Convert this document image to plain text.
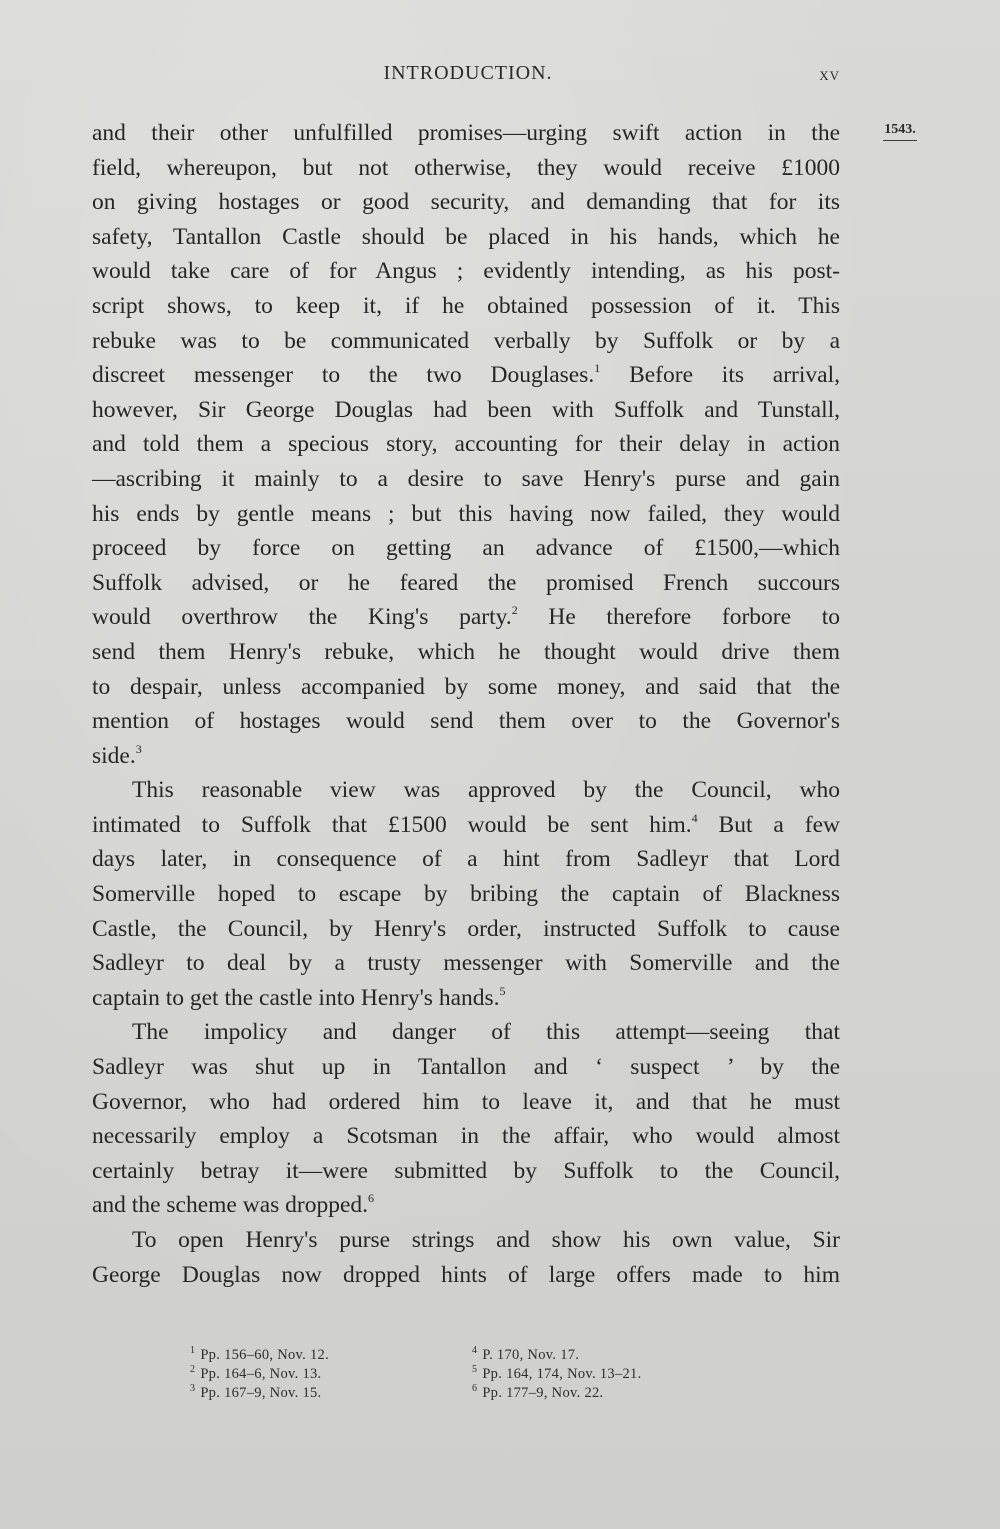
INTRODUCTION.	xv
1543.
and their other unfulfilled promises—urging swift action in the
field, whereupon, but not otherwise, they would receive £1000
on giving hostages or good security, and demanding that for its
safety, Tantallon Castle should be placed in his hands, which he
would take care of for Angus ; evidently intending, as his post-
script shows, to keep it, if he obtained possession of it. This
rebuke was to be communicated verbally by Suffolk or by a
discreet messenger to the two Douglases.$^1$ Before its arrival,
however, Sir George Douglas had been with Suffolk and Tunstall,
and told them a specious story, accounting for their delay in action
—ascribing it mainly to a desire to save Henry's purse and gain
his ends by gentle means ; but this having now failed, they would
proceed by force on getting an advance of £1500,—which
Suffolk advised, or he feared the promised French succours
would overthrow the King's party.$^2$ He therefore forbore to
send them Henry's rebuke, which he thought would drive them
to despair, unless accompanied by some money, and said that the
mention of hostages would send them over to the Governor's
side.$^3$
This reasonable view was approved by the Council, who
intimated to Suffolk that £1500 would be sent him.$^4$ But a few
days later, in consequence of a hint from Sadleyr that Lord
Somerville hoped to escape by bribing the captain of Blackness
Castle, the Council, by Henry's order, instructed Suffolk to cause
Sadleyr to deal by a trusty messenger with Somerville and the
captain to get the castle into Henry's hands.$^5$
The impolicy and danger of this attempt—seeing that
Sadleyr was shut up in Tantallon and ‘ suspect ’ by the
Governor, who had ordered him to leave it, and that he must
necessarily employ a Scotsman in the affair, who would almost
certainly betray it—were submitted by Suffolk to the Council,
and the scheme was dropped.$^6$
To open Henry's purse strings and show his own value, Sir
George Douglas now dropped hints of large offers made to him
$^1$ Pp. 156–60, Nov. 12.
$^2$ Pp. 164–6, Nov. 13.
$^3$ Pp. 167–9, Nov. 15.
$^4$ P. 170, Nov. 17.
$^5$ Pp. 164, 174, Nov. 13–21.
$^6$ Pp. 177–9, Nov. 22.
